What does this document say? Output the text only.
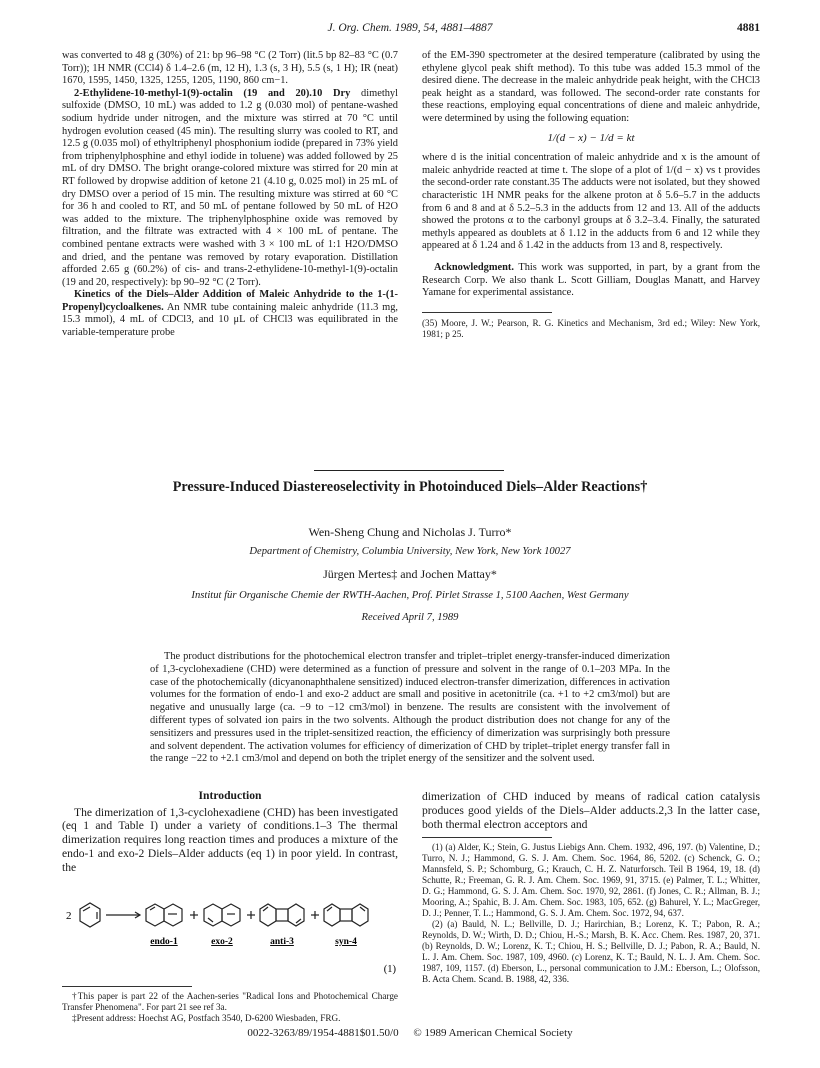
J. Org. Chem. 1989, 54, 4881–4887	4881

was converted to 48 g (30%) of 21: bp 96–98 °C (2 Torr) (lit.5 bp 82–83 °C (0.7 Torr)); 1H NMR (CCl4) δ 1.4–2.6 (m, 12 H), 1.3 (s, 3 H), 5.5 (s, 1 H); IR (neat) 1670, 1595, 1450, 1325, 1255, 1205, 1190, 860 cm−1.

2-Ethylidene-10-methyl-1(9)-octalin (19 and 20).10 Dry dimethyl sulfoxide (DMSO, 10 mL) was added to 1.2 g (0.030 mol) of pentane-washed sodium hydride under nitrogen, and the mixture was stirred at 70 °C until hydrogen evolution ceased (45 min). The resulting slurry was cooled to RT, and 12.5 g (0.035 mol) of ethyltriphenyl phosphonium iodide (prepared in 73% yield from triphenylphosphine and ethyl iodide in toluene) was added followed by 25 mL of dry DMSO. The bright orange-colored mixture was stirred for 20 min at RT followed by dropwise addition of ketone 21 (4.10 g, 0.025 mol) in 25 mL of dry DMSO over a period of 15 min. The resulting mixture was stirred at 60 °C for 36 h and cooled to RT, and 50 mL of pentane followed by 50 mL of H2O was added to the mixture. The triphenylphosphine oxide was removed by filtration, and the filtrate was extracted with 4 × 100 mL of pentane. The combined pentane extracts were washed with 3 × 100 mL of 1:1 H2O/DMSO and dried, and the pentane was removed by rotary evaporation. Distillation afforded 2.65 g (60.2%) of cis- and trans-2-ethylidene-10-methyl-1(9)-octalin (19 and 20, respectively): bp 90–92 °C (2 Torr).

Kinetics of the Diels–Alder Addition of Maleic Anhydride to the 1-(1-Propenyl)cycloalkenes. An NMR tube containing maleic anhydride (11.3 mg, 15.3 mmol), 4 mL of CDCl3, and 10 μL of CHCl3 was equilibrated in the variable-temperature probe

of the EM-390 spectrometer at the desired temperature (calibrated by using the ethylene glycol peak shift method). To this tube was added 15.3 mmol of the desired diene. The decrease in the maleic anhydride peak height, with the CHCl3 peak height as a standard, was followed. The second-order rate constants for these reactions, employing equal concentrations of diene and maleic anhydride, were determined by using the following equation:

1/(d − x) − 1/d = kt

where d is the initial concentration of maleic anhydride and x is the amount of maleic anhydride reacted at time t. The slope of a plot of 1/(d − x) vs t provides the second-order rate constant.35 The adducts were not isolated, but they showed characteristic 1H NMR peaks for the alkene proton at δ 5.6–5.7 in the adducts from 6 and 8 and at δ 5.2–5.3 in the adducts from 12 and 13. All of the adducts showed the protons α to the carbonyl groups at δ 3.2–3.4. Finally, the saturated methyls appeared as doublets at δ 1.12 in the adducts from 6 and 12 while they appeared at δ 1.24 and δ 1.42 in the adducts from 13 and 8, respectively.

Acknowledgment. This work was supported, in part, by a grant from the Research Corp. We also thank L. Scott Gilliam, Douglas Manatt, and Harvey Yamane for experimental assistance.

(35) Moore, J. W.; Pearson, R. G. Kinetics and Mechanism, 3rd ed.; Wiley: New York, 1981; p 25.
Pressure-Induced Diastereoselectivity in Photoinduced Diels–Alder Reactions†
Wen-Sheng Chung and Nicholas J. Turro*
Department of Chemistry, Columbia University, New York, New York 10027
Jürgen Mertes‡ and Jochen Mattay*
Institut für Organische Chemie der RWTH-Aachen, Prof. Pirlet Strasse 1, 5100 Aachen, West Germany
Received April 7, 1989
The product distributions for the photochemical electron transfer and triplet–triplet energy-transfer-induced dimerization of 1,3-cyclohexadiene (CHD) were determined as a function of pressure and solvent in the range of 0.1–203 MPa. In the case of the photochemically (dicyanonaphthalene sensitized) induced electron-transfer dimerization, differences in activation volumes for the formation of endo-1 and exo-2 adduct are small and positive in acetonitrile (ca. +1 to +2 cm3/mol) but are negative and unusually large (ca. −9 to −12 cm3/mol) in benzene. The results are consistent with the involvement of different types of solvated ion pairs in the two solvents. Although the product distribution does not change for any of the sensitizers and pressures used in the triplet-sensitized reaction, the efficiency of dimerization was surprisingly both pressure and solvent dependent. The activation volumes for efficiency of dimerization of CHD by triplet–triplet energy transfer fall in the range −22 to +2.1 cm3/mol and depend on both the triplet energy of the sensitizer and the solvent used.
Introduction

The dimerization of 1,3-cyclohexadiene (CHD) has been investigated (eq 1 and Table I) under a variety of conditions.1–3 The thermal dimerization requires long reaction times and produces a mixture of the endo-1 and exo-2 Diels–Alder adducts (eq 1) in poor yield. In contrast, the

2
endo-1	exo-2	anti-3	syn-4
(1)
†This paper is part 22 of the Aachen-series "Radical Ions and Photochemical Charge Transfer Phenomena". For part 21 see ref 3a.
‡Present address: Hoechst AG, Postfach 3540, D-6200 Wiesbaden, FRG.

dimerization of CHD induced by means of radical cation catalysis produces good yields of the Diels–Alder adducts.2,3 In the latter case, both thermal electron acceptors and

(1) (a) Alder, K.; Stein, G. Justus Liebigs Ann. Chem. 1932, 496, 197. (b) Valentine, D.; Turro, N. J.; Hammond, G. S. J. Am. Chem. Soc. 1964, 86, 5202. (c) Schenck, G. O.; Mannsfeld, S. P.; Schomburg, G.; Krauch, C. H. Z. Naturforsch. Teil B 1964, 19, 18. (d) Schutte, R.; Freeman, G. R. J. Am. Chem. Soc. 1969, 91, 3715. (e) Palmer, T. L.; Whitter, D. G.; Hammond, G. S. J. Am. Chem. Soc. 1970, 92, 2861. (f) Jones, C. R.; Allman, B. J.; Mooring, A.; Spahic, B. J. Am. Chem. Soc. 1983, 105, 652. (g) Bahurel, Y. L.; MacGreger, D. J.; Penner, T. L.; Hammond, G. S. J. Am. Chem. Soc. 1972, 94, 637.
(2) (a) Bauld, N. L.; Bellville, D. J.; Harirchian, B.; Lorenz, K. T.; Pabon, R. A.; Reynolds, D. W.; Wirth, D. D.; Chiou, H.-S.; Marsh, B. K. Acc. Chem. Res. 1987, 20, 371. (b) Reynolds, D. W.; Lorenz, K. T.; Chiou, H. S.; Bellville, D. J.; Pabon, R. A.; Bauld, N. L. J. Am. Chem. Soc. 1987, 109, 4960. (c) Lorenz, K. T.; Bauld, N. L. J. Am. Chem. Soc. 1987, 109, 1157. (d) Eberson, L., personal communication to J.M.: Eberson, L.; Olofsson, B. Acta Chem. Scand. B. 1988, 42, 336.
0022-3263/89/1954-4881$01.50/0 © 1989 American Chemical Society
